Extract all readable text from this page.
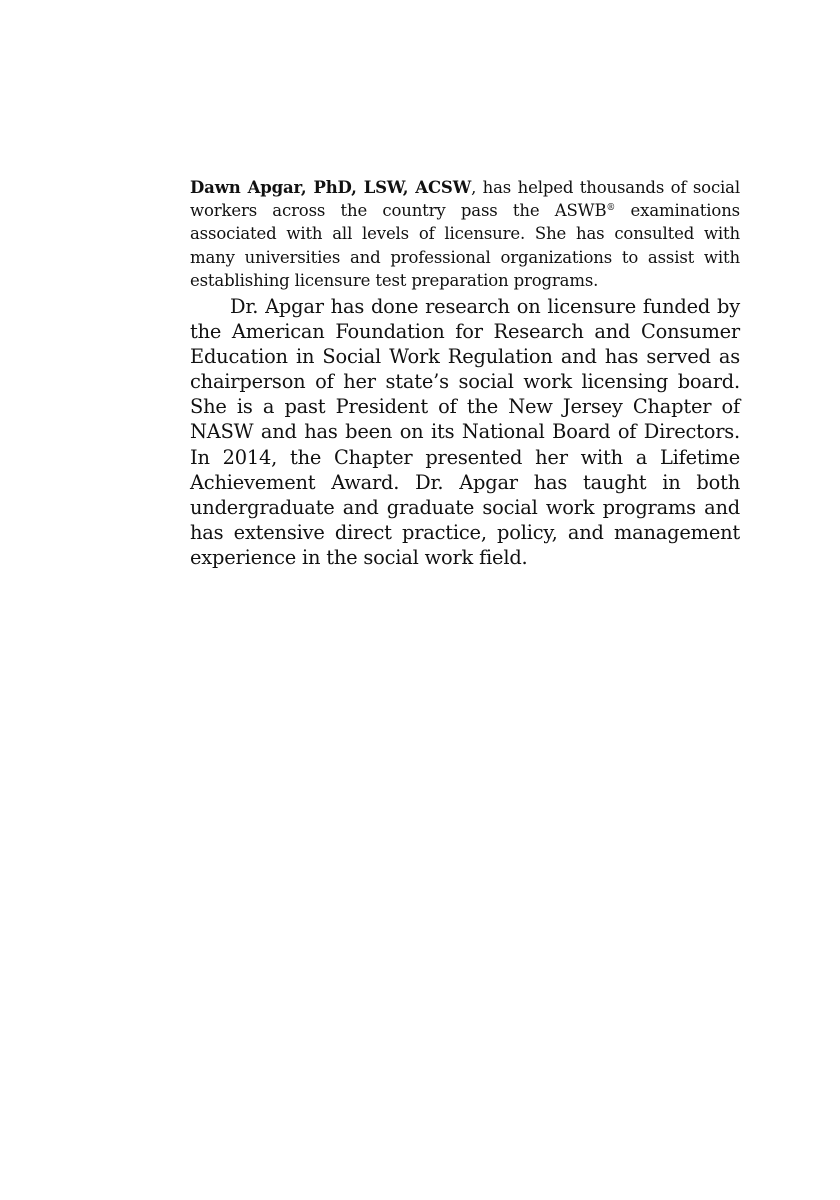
Dawn Apgar, PhD, LSW, ACSW, has helped thousands of social workers across the country pass the ASWB® examinations associated with all levels of licensure. She has consulted with many universities and professional organizations to assist with establishing licensure test preparation programs.

Dr. Apgar has done research on licensure funded by the American Foundation for Research and Consumer Education in Social Work Regulation and has served as chairperson of her state’s social work licensing board. She is a past President of the New Jersey Chapter of NASW and has been on its National Board of Directors. In 2014, the Chapter presented her with a Lifetime Achievement Award. Dr. Apgar has taught in both undergraduate and graduate social work programs and has extensive direct practice, policy, and management experience in the social work field.
